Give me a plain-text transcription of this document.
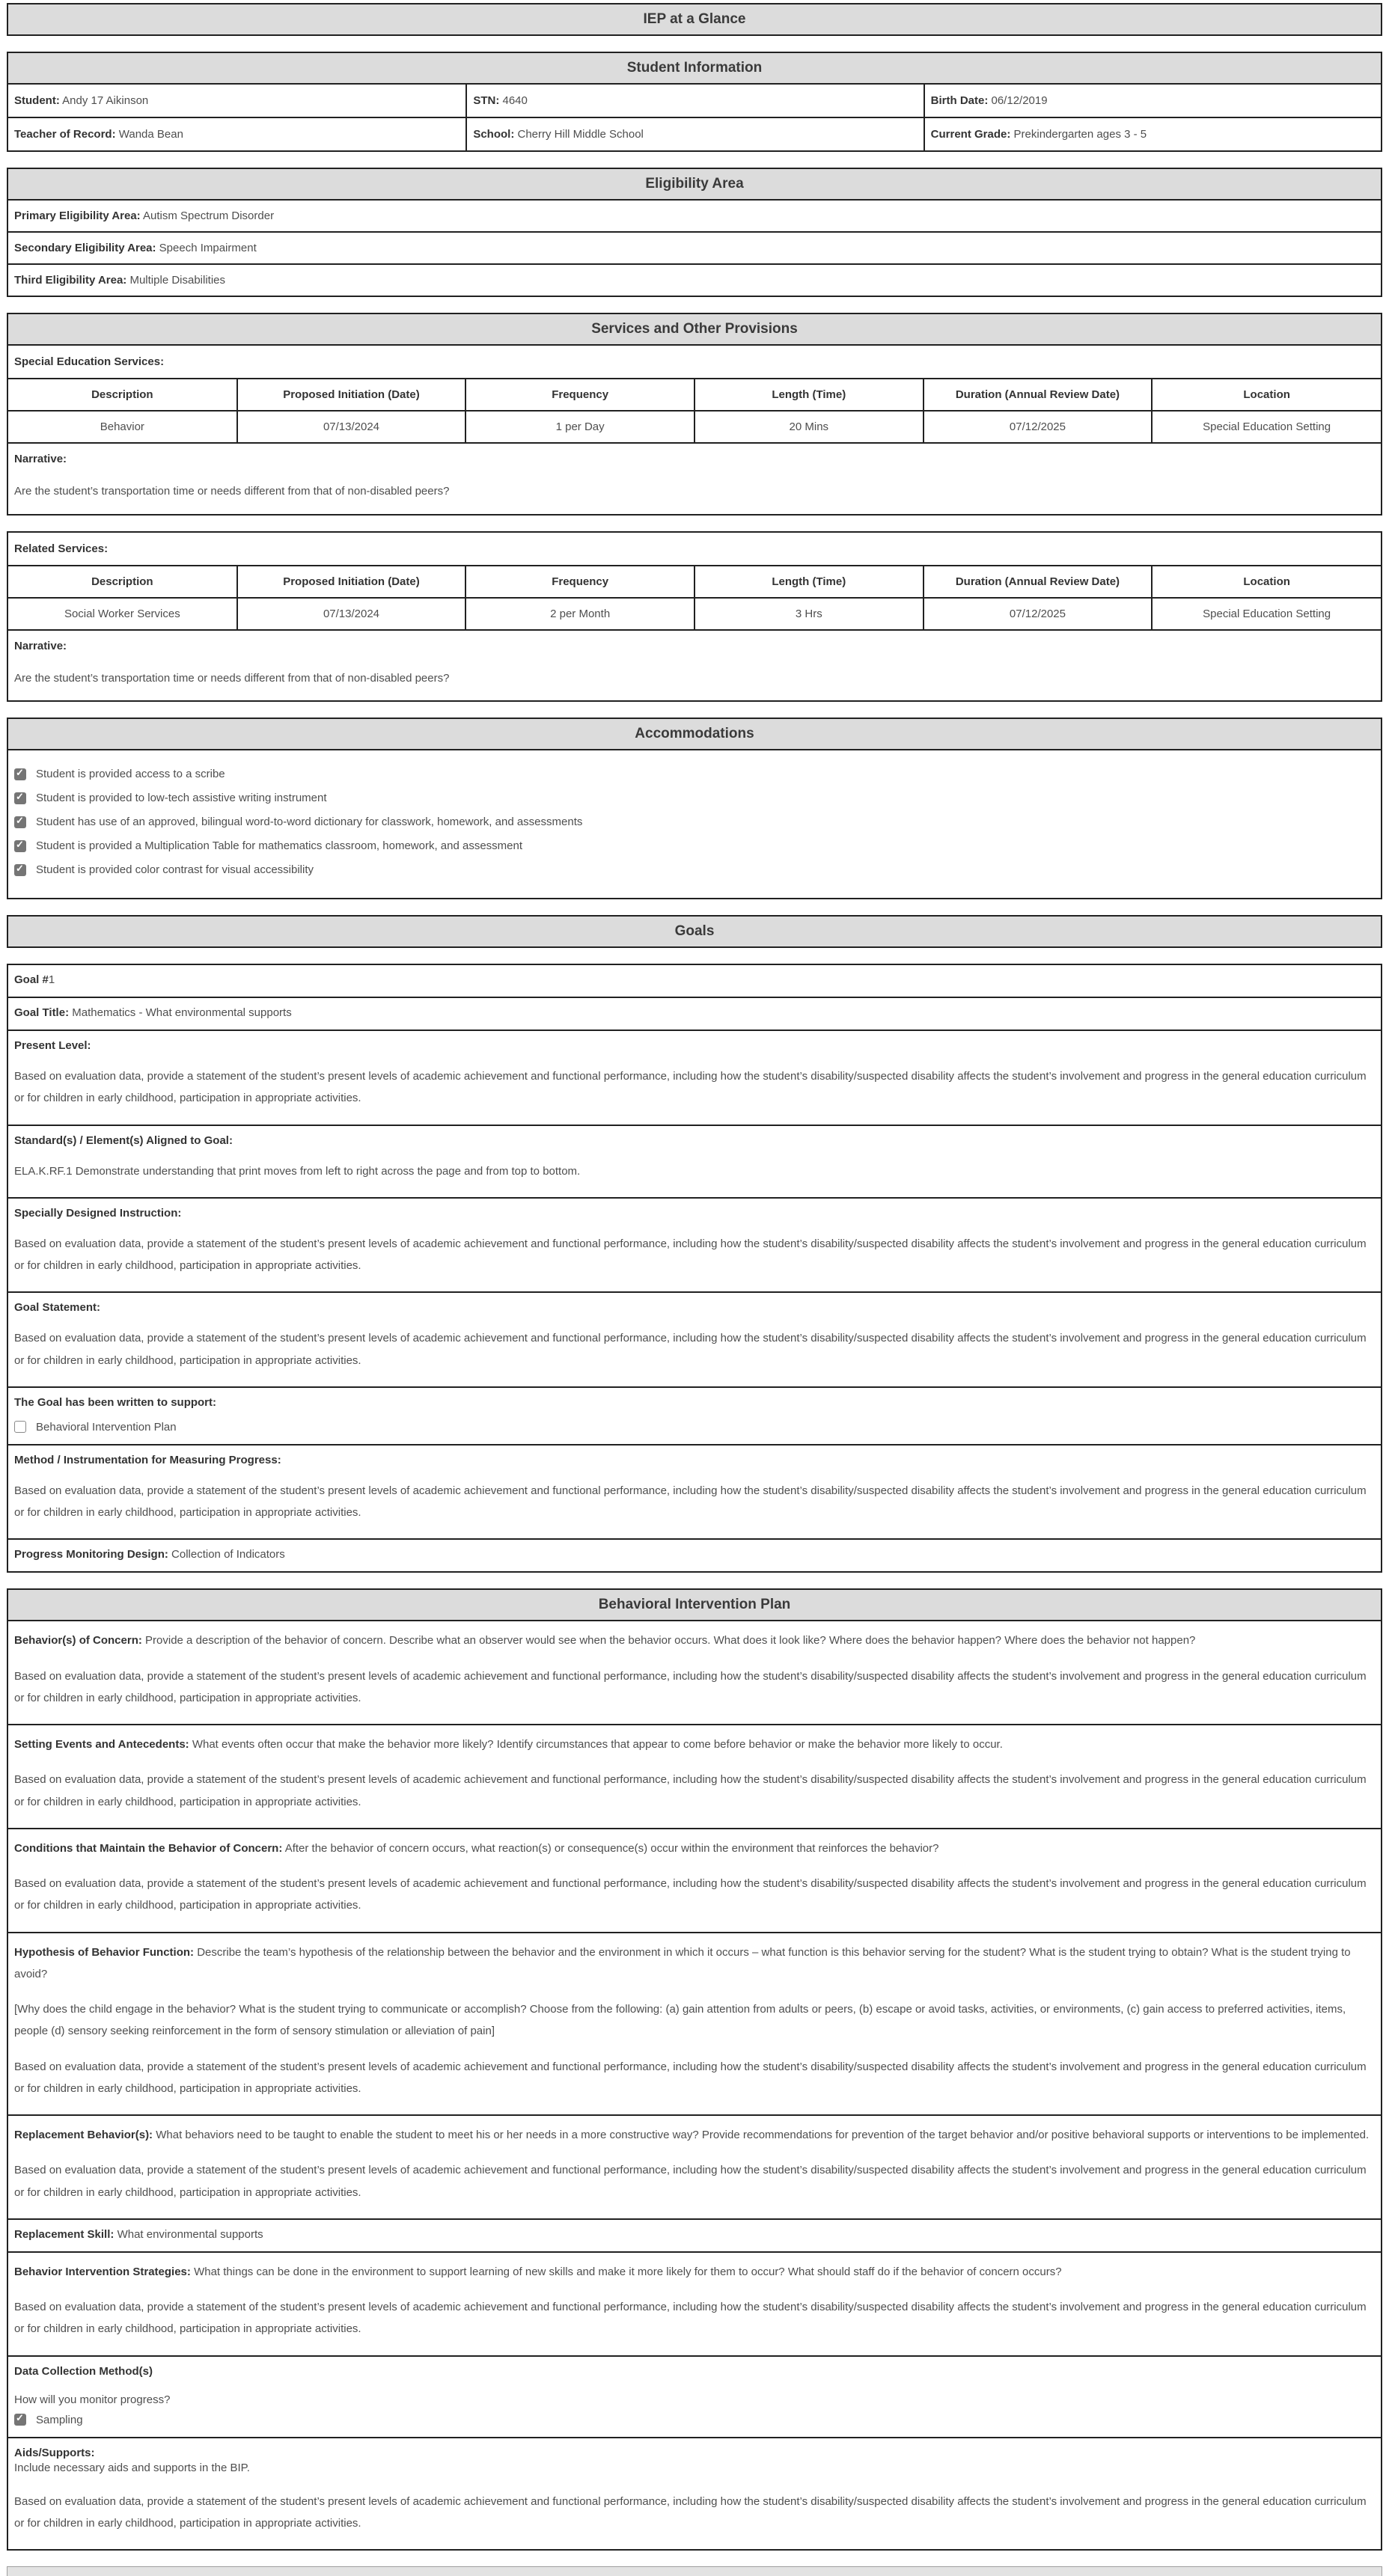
IEP at a Glance
Student Information
Student: Andy 17 Aikinson	STN: 4640	Birth Date: 06/12/2019
Teacher of Record: Wanda Bean	School: Cherry Hill Middle School	Current Grade: Prekindergarten ages 3 - 5
Eligibility Area
Primary Eligibility Area: Autism Spectrum Disorder
Secondary Eligibility Area: Speech Impairment
Third Eligibility Area: Multiple Disabilities
Services and Other Provisions
Special Education Services:
Description	Proposed Initiation (Date)	Frequency	Length (Time)	Duration (Annual Review Date)	Location
Behavior	07/13/2024	1 per Day	20 Mins	07/12/2025	Special Education Setting
Narrative:
Are the student’s transportation time or needs different from that of non-disabled peers?
Related Services:
Description	Proposed Initiation (Date)	Frequency	Length (Time)	Duration (Annual Review Date)	Location
Social Worker Services	07/13/2024	2 per Month	3 Hrs	07/12/2025	Special Education Setting
Narrative:
Are the student’s transportation time or needs different from that of non-disabled peers?
Accommodations
✓
Student is provided access to a scribe
✓
Student is provided to low-tech assistive writing instrument
✓
Student has use of an approved, bilingual word-to-word dictionary for classwork, homework, and assessments
✓
Student is provided a Multiplication Table for mathematics classroom, homework, and assessment
✓
Student is provided color contrast for visual accessibility
Goals
Goal #1
Goal Title: Mathematics - What environmental supports
Present Level:

Based on evaluation data, provide a statement of the student’s present levels of academic achievement and functional performance, including how the student’s disability/suspected disability affects the student’s involvement and progress in the general education curriculum or for children in early childhood, participation in appropriate activities.

Standard(s) / Element(s) Aligned to Goal:

ELA.K.RF.1 Demonstrate understanding that print moves from left to right across the page and from top to bottom.

Specially Designed Instruction:

Based on evaluation data, provide a statement of the student’s present levels of academic achievement and functional performance, including how the student’s disability/suspected disability affects the student’s involvement and progress in the general education curriculum or for children in early childhood, participation in appropriate activities.

Goal Statement:

Based on evaluation data, provide a statement of the student’s present levels of academic achievement and functional performance, including how the student’s disability/suspected disability affects the student’s involvement and progress in the general education curriculum or for children in early childhood, participation in appropriate activities.

The Goal has been written to support:
Behavioral Intervention Plan
Method / Instrumentation for Measuring Progress:

Based on evaluation data, provide a statement of the student’s present levels of academic achievement and functional performance, including how the student’s disability/suspected disability affects the student’s involvement and progress in the general education curriculum or for children in early childhood, participation in appropriate activities.

Progress Monitoring Design: Collection of Indicators
Behavioral Intervention Plan

Behavior(s) of Concern: Provide a description of the behavior of concern. Describe what an observer would see when the behavior occurs. What does it look like? Where does the behavior happen? Where does the behavior not happen?

Based on evaluation data, provide a statement of the student’s present levels of academic achievement and functional performance, including how the student’s disability/suspected disability affects the student’s involvement and progress in the general education curriculum or for children in early childhood, participation in appropriate activities.

Setting Events and Antecedents: What events often occur that make the behavior more likely? Identify circumstances that appear to come before behavior or make the behavior more likely to occur.

Based on evaluation data, provide a statement of the student’s present levels of academic achievement and functional performance, including how the student’s disability/suspected disability affects the student’s involvement and progress in the general education curriculum or for children in early childhood, participation in appropriate activities.

Conditions that Maintain the Behavior of Concern: After the behavior of concern occurs, what reaction(s) or consequence(s) occur within the environment that reinforces the behavior?

Based on evaluation data, provide a statement of the student’s present levels of academic achievement and functional performance, including how the student’s disability/suspected disability affects the student’s involvement and progress in the general education curriculum or for children in early childhood, participation in appropriate activities.

Hypothesis of Behavior Function: Describe the team’s hypothesis of the relationship between the behavior and the environment in which it occurs – what function is this behavior serving for the student? What is the student trying to obtain? What is the student trying to avoid?

[Why does the child engage in the behavior? What is the student trying to communicate or accomplish? Choose from the following: (a) gain attention from adults or peers, (b) escape or avoid tasks, activities, or environments, (c) gain access to preferred activities, items, people (d) sensory seeking reinforcement in the form of sensory stimulation or alleviation of pain]

Based on evaluation data, provide a statement of the student’s present levels of academic achievement and functional performance, including how the student’s disability/suspected disability affects the student’s involvement and progress in the general education curriculum or for children in early childhood, participation in appropriate activities.

Replacement Behavior(s): What behaviors need to be taught to enable the student to meet his or her needs in a more constructive way? Provide recommendations for prevention of the target behavior and/or positive behavioral supports or interventions to be implemented.

Based on evaluation data, provide a statement of the student’s present levels of academic achievement and functional performance, including how the student’s disability/suspected disability affects the student’s involvement and progress in the general education curriculum or for children in early childhood, participation in appropriate activities.

Replacement Skill: What environmental supports

Behavior Intervention Strategies: What things can be done in the environment to support learning of new skills and make it more likely for them to occur? What should staff do if the behavior of concern occurs?

Based on evaluation data, provide a statement of the student’s present levels of academic achievement and functional performance, including how the student’s disability/suspected disability affects the student’s involvement and progress in the general education curriculum or for children in early childhood, participation in appropriate activities.

Data Collection Method(s)

How will you monitor progress?

✓
Sampling
Aids/Supports:

Include necessary aids and supports in the BIP.

Based on evaluation data, provide a statement of the student’s present levels of academic achievement and functional performance, including how the student’s disability/suspected disability affects the student’s involvement and progress in the general education curriculum or for children in early childhood, participation in appropriate activities.
